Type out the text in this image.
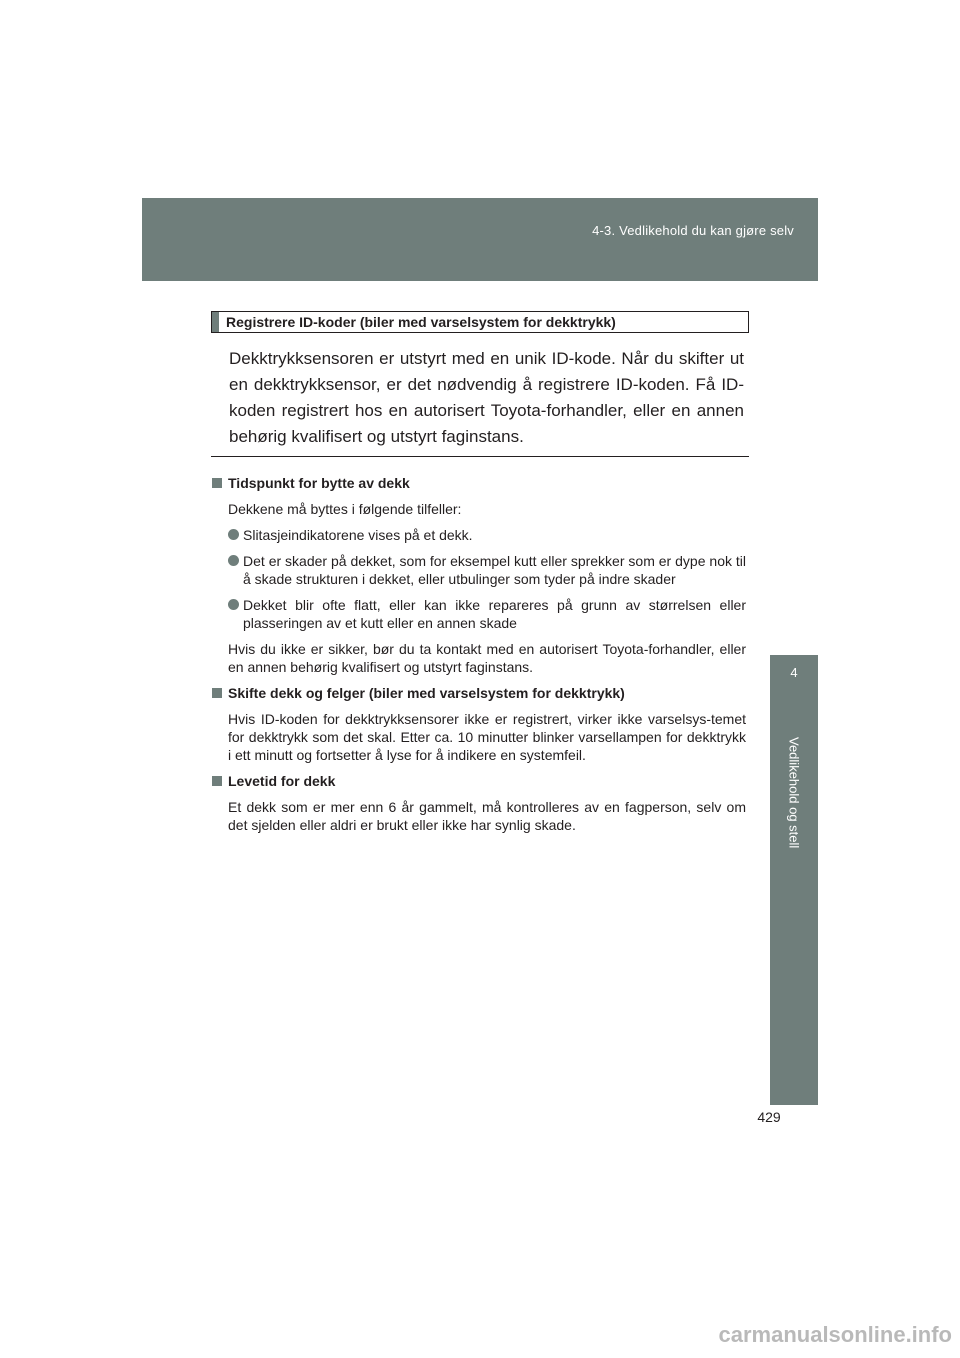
4-3. Vedlikehold du kan gjøre selv
4
Vedlikehold og stell
Registrere ID-koder (biler med varselsystem for dekktrykk)

Dekktrykksensoren er utstyrt med en unik ID-kode. Når du skifter ut en dekktrykksensor, er det nødvendig å registrere ID-koden. Få ID-koden registrert hos en autorisert Toyota-forhandler, eller en annen behørig kvalifisert og utstyrt faginstans.

Tidspunkt for bytte av dekk
Dekkene må byttes i følgende tilfeller:
Slitasjeindikatorene vises på et dekk.
Det er skader på dekket, som for eksempel kutt eller sprekker som er dype nok til å skade strukturen i dekket, eller utbulinger som tyder på indre skader
Dekket blir ofte flatt, eller kan ikke repareres på grunn av størrelsen eller plasseringen av et kutt eller en annen skade
Hvis du ikke er sikker, bør du ta kontakt med en autorisert Toyota-forhandler, eller en annen behørig kvalifisert og utstyrt faginstans.
Skifte dekk og felger (biler med varselsystem for dekktrykk)
Hvis ID-koden for dekktrykksensorer ikke er registrert, virker ikke varselsys-temet for dekktrykk som det skal. Etter ca. 10 minutter blinker varsellampen for dekktrykk i ett minutt og fortsetter å lyse for å indikere en systemfeil.
Levetid for dekk
Et dekk som er mer enn 6 år gammelt, må kontrolleres av en fagperson, selv om det sjelden eller aldri er brukt eller ikke har synlig skade.
429
carmanualsonline.info
